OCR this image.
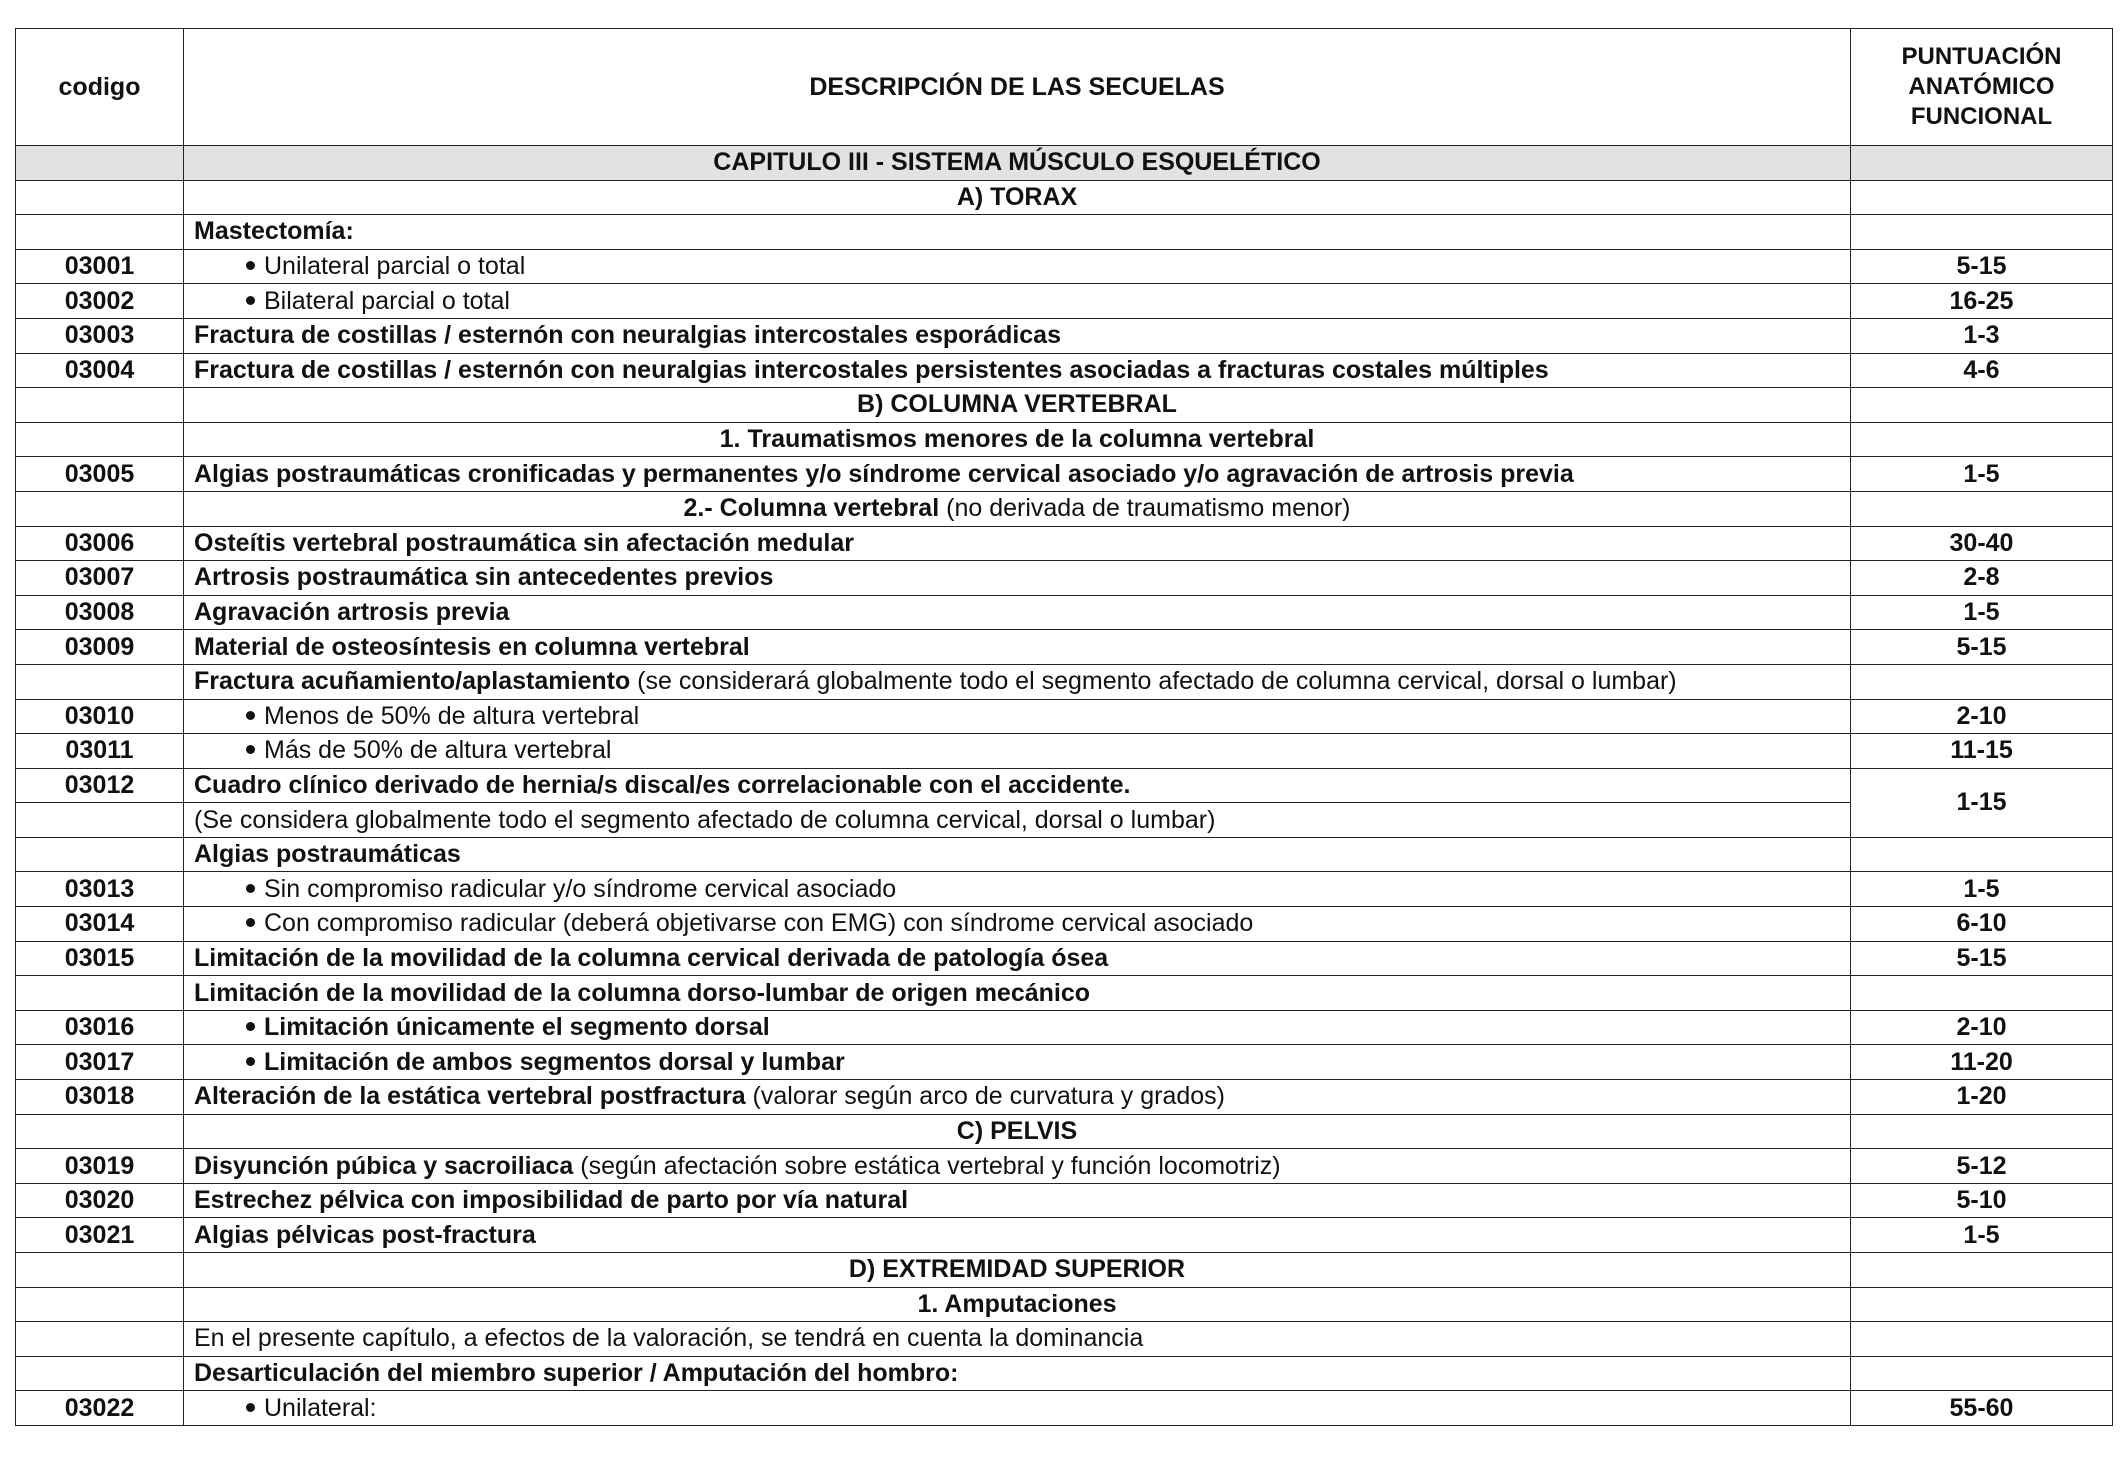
codigo	DESCRIPCIÓN DE LAS SECUELAS	PUNTUACIÓN
ANATÓMICO
FUNCIONAL
	CAPITULO III - SISTEMA MÚSCULO ESQUELÉTICO	
	A) TORAX	
	Mastectomía:	
03001	Unilateral parcial o total	5-15
03002	Bilateral parcial o total	16-25
03003	Fractura de costillas / esternón con neuralgias intercostales esporádicas	1-3
03004	Fractura de costillas / esternón con neuralgias intercostales persistentes asociadas a fracturas costales múltiples	4-6
	B) COLUMNA VERTEBRAL	
	1. Traumatismos menores de la columna vertebral	
03005	Algias postraumáticas cronificadas y permanentes y/o síndrome cervical asociado y/o agravación de artrosis previa	1-5
	2.- Columna vertebral (no derivada de traumatismo menor)	
03006	Osteítis vertebral postraumática sin afectación medular	30-40
03007	Artrosis postraumática sin antecedentes previos	2-8
03008	Agravación artrosis previa	1-5
03009	Material de osteosíntesis en columna vertebral	5-15
	Fractura acuñamiento/aplastamiento (se considerará globalmente todo el segmento afectado de columna cervical, dorsal o lumbar)	
03010	Menos de 50% de altura vertebral	2-10
03011	Más de 50% de altura vertebral	11-15
03012	Cuadro clínico derivado de hernia/s discal/es correlacionable con el accidente.	1-15
	(Se considera globalmente todo el segmento afectado de columna cervical, dorsal o lumbar)	
	Algias postraumáticas	
03013	Sin compromiso radicular y/o síndrome cervical asociado	1-5
03014	Con compromiso radicular (deberá objetivarse con EMG) con síndrome cervical asociado	6-10
03015	Limitación de la movilidad de la columna cervical derivada de patología ósea	5-15
	Limitación de la movilidad de la columna dorso-lumbar de origen mecánico	
03016	Limitación únicamente el segmento dorsal	2-10
03017	Limitación de ambos segmentos dorsal y lumbar	11-20
03018	Alteración de la estática vertebral postfractura (valorar según arco de curvatura y grados)	1-20
	C) PELVIS	
03019	Disyunción púbica y sacroiliaca (según afectación sobre estática vertebral y función locomotriz)	5-12
03020	Estrechez pélvica con imposibilidad de parto por vía natural	5-10
03021	Algias pélvicas post-fractura	1-5
	D) EXTREMIDAD SUPERIOR	
	1. Amputaciones	
	En el presente capítulo, a efectos de la valoración, se tendrá en cuenta la dominancia	
	Desarticulación del miembro superior / Amputación del hombro:	
03022	Unilateral:	55-60
